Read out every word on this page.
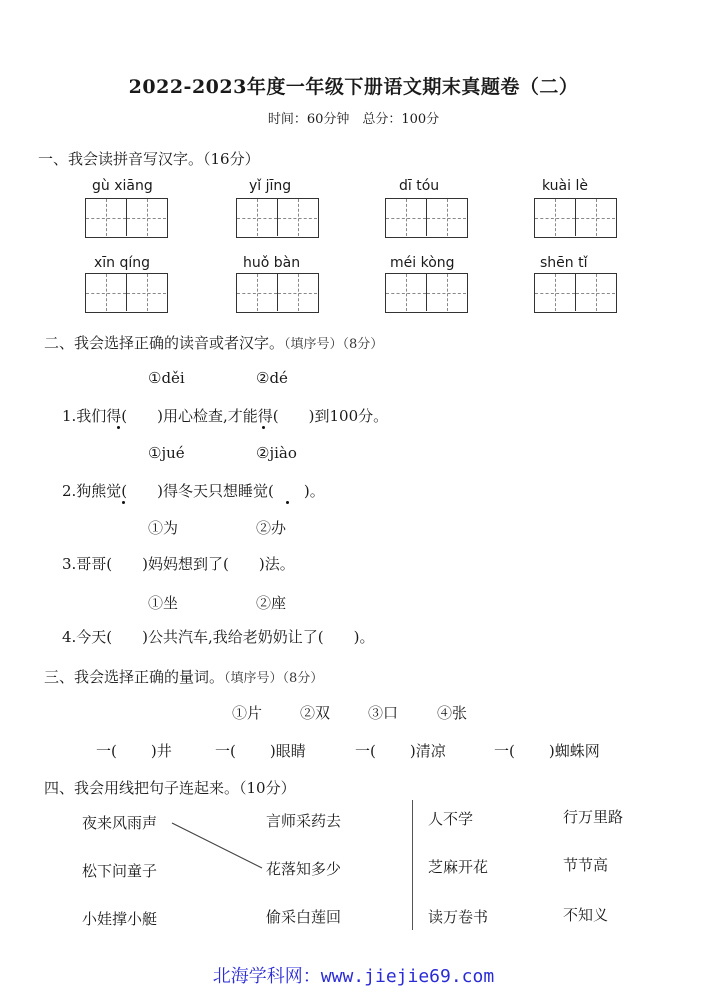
2022-2023年度一年级下册语文期末真题卷（二）
时间：60分钟　总分：100分
一、我会读拼音写汉字。（16分）
gù xiāng	yǐ jīng	dī tóu	kuài lè
xīn qíng	huǒ bàn	méi kòng	shēn tǐ
二、我会选择正确的读音或者汉字。（填序号）（8分）
①děi	②dé
1.我们得(　　)用心检查,才能得(　　)到100分。
①jué	②jiào
2.狗熊觉(　　)得冬天只想睡觉(　　)。
①为	②办
3.哥哥(　　)妈妈想到了(　　)法。
①坐	②座
4.今天(　　)公共汽车,我给老奶奶让了(　　)。
三、我会选择正确的量词。（填序号）（8分）
①片	②双	③口	④张
一( )井	一( )眼睛	一( )清凉	一( )蜘蛛网
四、我会用线把句子连起来。（10分）
夜来风雨声
松下问童子
小娃撑小艇
言师采药去
花落知多少
偷采白莲回
人不学
芝麻开花
读万卷书
行万里路
节节高
不知义
北海学科网：www.jiejie69.com
